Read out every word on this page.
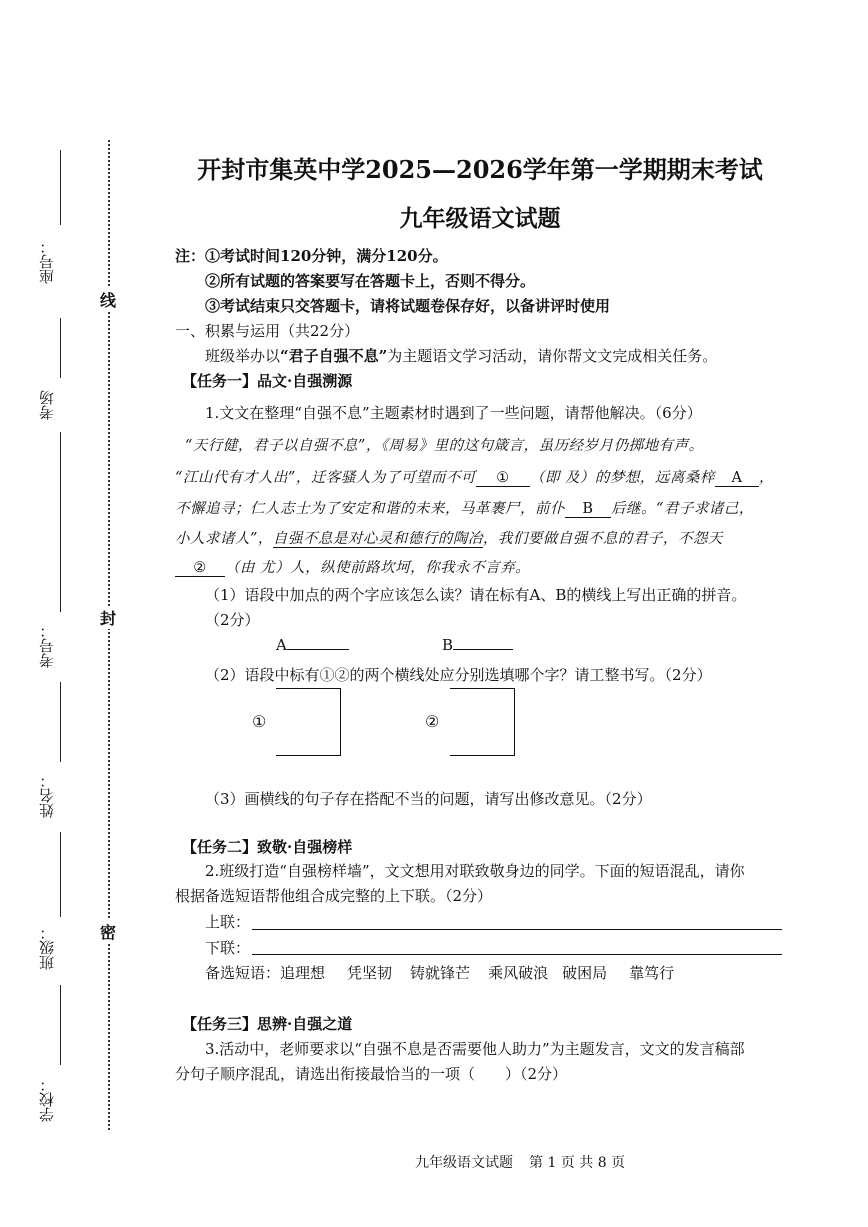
座号：
考场
考号：
姓名：
班级：
学校：
线
封
密
开封市集英中学2025—2026学年第一学期期末考试
九年级语文试题
注：①考试时间120分钟，满分120分。
②所有试题的答案要写在答题卡上，否则不得分。
③考试结束只交答题卡，请将试题卷保存好，以备讲评时使用
一、积累与运用（共22分）
班级举办以“君子自强不息”为主题语文学习活动，请你帮文文完成相关任务。
【任务一】品文·自强溯源
1.文文在整理“自强不息”主题素材时遇到了一些问题，请帮他解决。（6分）
“天行健，君子以自强不息”，《周易》里的这句箴言，虽历经岁月仍掷地有声。
“江山代有才人出”，迁客骚人为了可望而不可 ① （即 及）的梦想，远离桑梓 A ，
不懈追寻；仁人志士为了安定和谐的未来，马革裹尸，前仆 B 后继。“君子求诸己，
小人求诸人”，自强不息是对心灵和德行的陶冶，我们要做自强不息的君子，不怨天
② （由 尤）人，纵使前路坎坷，你我永不言弃。
（1）语段中加点的两个字应该怎么读？请在标有A、B的横线上写出正确的拼音。
（2分）
A	B
（2）语段中标有①②的两个横线处应分别选填哪个字？请工整书写。（2分）
①	②
（3）画横线的句子存在搭配不当的问题，请写出修改意见。（2分）
【任务二】致敬·自强榜样
2.班级打造“自强榜样墙”，文文想用对联致敬身边的同学。下面的短语混乱，请你
根据备选短语帮他组合成完整的上下联。（2分）
上联：
下联：
备选短语：追理想 凭坚韧 铸就锋芒 乘风破浪 破困局 靠笃行
【任务三】思辨·自强之道
3.活动中，老师要求以“自强不息是否需要他人助力”为主题发言，文文的发言稿部
分句子顺序混乱，请选出衔接最恰当的一项（　　）（2分）
九年级语文试题 第 1 页 共 8 页
